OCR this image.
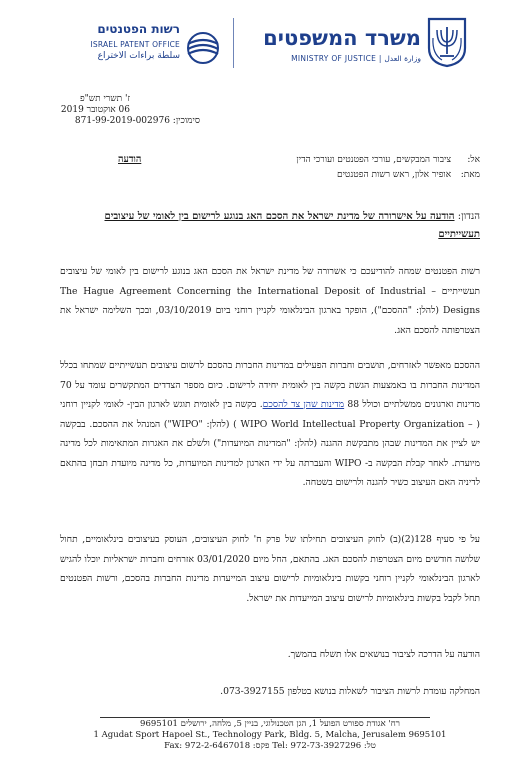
משרד המשפטים
MINISTRY OF JUSTICE | وزارة العدل
רשות הפטנטים
ISRAEL PATENT OFFICE
سلطة براءات الاختراع
ז' תשרי תש"פ
06 אוקטובר 2019
סימוכין: 871-99-2019-002976
אל: ציבור המבקשים, עורכי הפטנטים ועורכי הדין
הודעה
מאת: אופיר אלון, ראש רשות הפטנטים
הנדון: הודעה על אישרורה של מדינת ישראל את הסכם האג בנוגע לרישום בין לאומי של עיצובים תעשייתיים
רשות הפטנטים שמחה להודיעכם כי אשרורה של מדינת ישראל את הסכם האג בנוגע לרישום בין לאומי של עיצובים תעשייתיים – The Hague Agreement Concerning the International Deposit of Industrial Designs (להלן: "ההסכם"), הופקד בארגון הבינלאומי לקניין רוחני ביום 03/10/2019, ובכך השלימה ישראל את הצטרפותה להסכם האג.
ההסכם מאפשר לאזרחים, תושבים וחברות הפעילים במדינות החברות בהסכם לרשום עיצובים תעשייתיים שמתחו בכלל המדינות החברות בו באמצעות הגשת בקשה בין לאומית יחידה לרישום. כיום מספר הצדדים המתקשרים עומד על 70 מדינות וארגונים ממשלתיים וכולל 88 מדינות שהן צד להסכם. בקשה בין לאומית תוגש לארגון הבין- לאומי לקניין רוחני ( – WIPO World Intellectual Property Organization ) (להלן: "WIPO") המנהל את ההסכם. בבקשה יש לציין את המדינות שבהן מתבקשת ההגנה (להלן: "המדינות המיועדות") ולשלם את האגרות המתאימות לכל מדינה מיועדת. לאחר קבלת הבקשה ב- WIPO והעברתה על ידי הארגון למדינות המיועדות, כל מדינה מיועדת תבחן בהתאם לדיניה האם העיצוב כשיר להגנה ולרישום בשטחה.
על פי סעיף 128(2)(ב) לחוק העיצובים תחילתו של פרק ח' לחוק העיצובים, העוסק בעיצובים בינלאומיים, תחול שלושה חודשים מיום הצטרפות להסכם האג. בהתאם, החל מיום 03/01/2020 אזרחים וחברות ישראליות יוכלו להגיש לארגון הבינלאומי לקניין רוחני בקשות בינלאומיות לרישום עיצוב המייעדות מדינות החברות בהסכם, ורשות הפטנטים תחל לקבל בקשות בינלאומיות לרישום עיצוב המייעדות את ישראל.
הודעה על הדרכה לציבור בנושאים אלו תשלח בהמשך.
המחלקה עומדת לרשות הציבור לשאלות בנושא בטלפון 073-3927155.
רח' אגודת ספורט הפועל 1, הגן הטכנולוגי, בניין 5, מלחה, ירושלים 9695101
1 Agudat Sport Hapoel St., Technology Park, Bldg. 5, Malcha, Jerusalem 9695101
Fax: 972-2-6467018 :פקס Tel: 972-73-3927296 :טל
